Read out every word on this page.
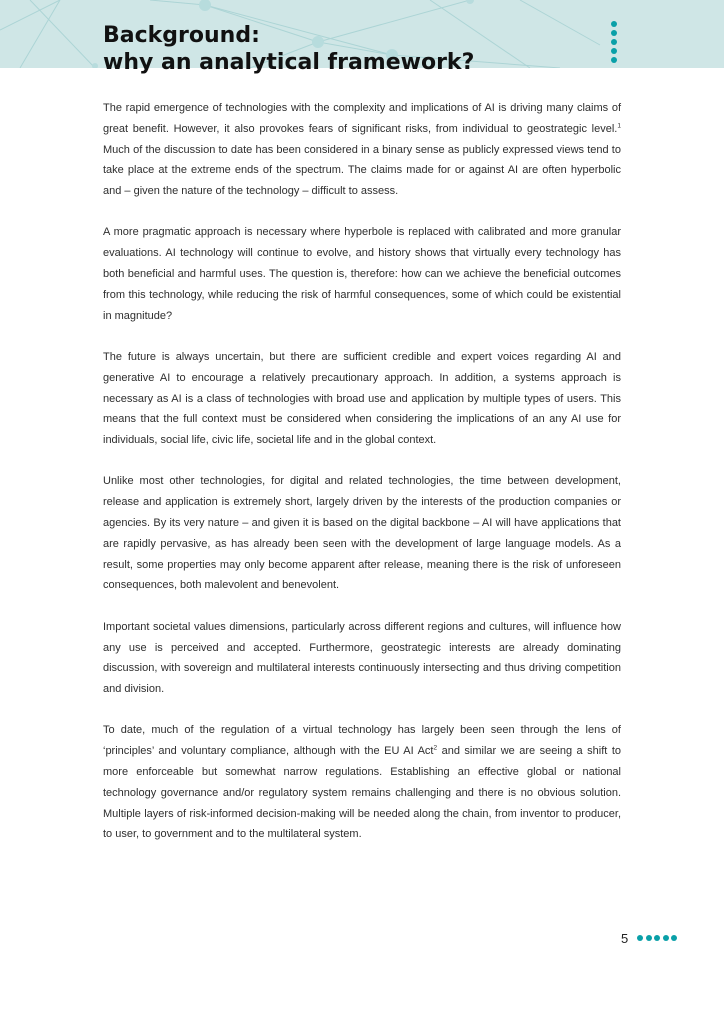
Background:
why an analytical framework?

The rapid emergence of technologies with the complexity and implications of AI is driving many claims of great benefit. However, it also provokes fears of significant risks, from individual to geostrategic level.$^1$ Much of the discussion to date has been considered in a binary sense as publicly expressed views tend to take place at the extreme ends of the spectrum. The claims made for or against AI are often hyperbolic and – given the nature of the technology – difficult to assess.

A more pragmatic approach is necessary where hyperbole is replaced with calibrated and more granular evaluations. AI technology will continue to evolve, and history shows that virtually every technology has both beneficial and harmful uses. The question is, therefore: how can we achieve the beneficial outcomes from this technology, while reducing the risk of harmful consequences, some of which could be existential in magnitude?

The future is always uncertain, but there are sufficient credible and expert voices regarding AI and generative AI to encourage a relatively precautionary approach. In addition, a systems approach is necessary as AI is a class of technologies with broad use and application by multiple types of users. This means that the full context must be considered when considering the implications of an any AI use for individuals, social life, civic life, societal life and in the global context.

Unlike most other technologies, for digital and related technologies, the time between development, release and application is extremely short, largely driven by the interests of the production companies or agencies. By its very nature – and given it is based on the digital backbone – AI will have applications that are rapidly pervasive, as has already been seen with the development of large language models. As a result, some properties may only become apparent after release, meaning there is the risk of unforeseen consequences, both malevolent and benevolent.

Important societal values dimensions, particularly across different regions and cultures, will influence how any use is perceived and accepted. Furthermore, geostrategic interests are already dominating discussion, with sovereign and multilateral interests continuously intersecting and thus driving competition and division.

To date, much of the regulation of a virtual technology has largely been seen through the lens of ‘principles’ and voluntary compliance, although with the EU AI Act$^2$ and similar we are seeing a shift to more enforceable but somewhat narrow regulations. Establishing an effective global or national technology governance and/or regulatory system remains challenging and there is no obvious solution. Multiple layers of risk-informed decision-making will be needed along the chain, from inventor to producer, to user, to government and to the multilateral system.

5
